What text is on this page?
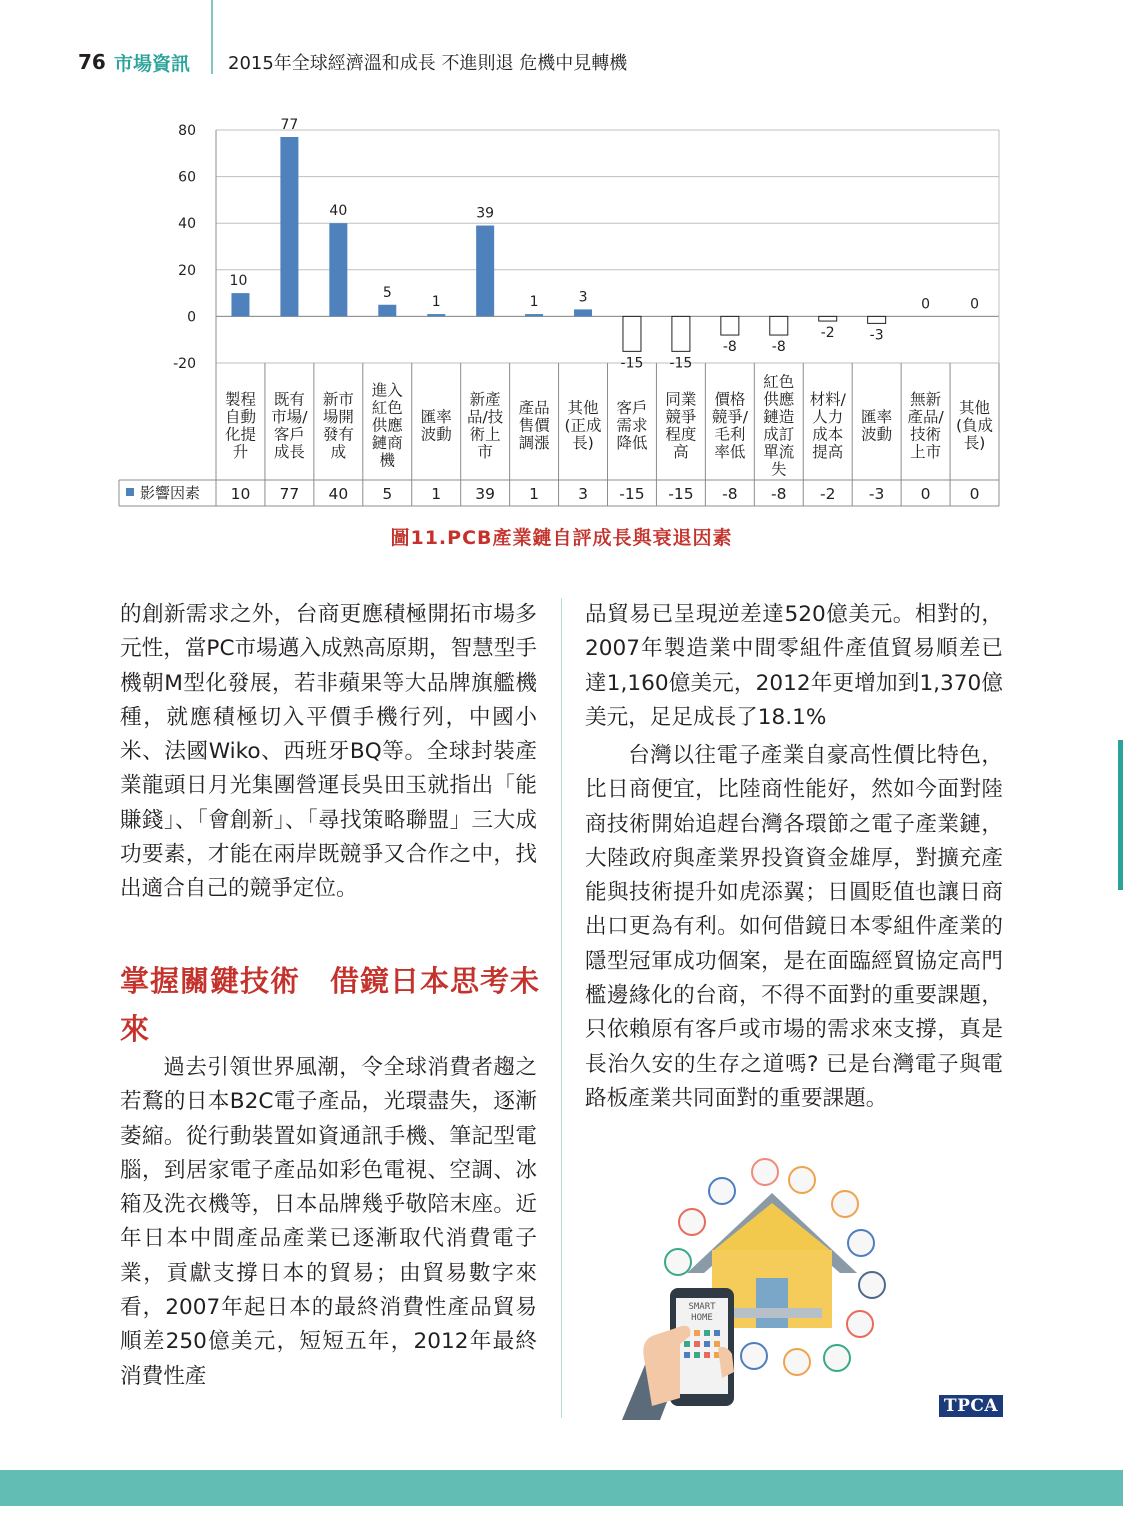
76 市場資訊 2015年全球經濟溫和成長 不進則退 危機中見轉機
-20
0
20
40
60
80
10
77
40
5
1
39
1	3
-15 -15
-8 -8
-2 -3
0	0
影響因素
製程
自動
化提
升
10
既有
市場/
客戶
成長
77
新市
場開
發有
成
40
進入
紅色
供應
鏈商
機
5
匯率
波動
1
新產
品/技
術上
市
39
產品
售價
調漲
1
其他
(正成
長)
3
客戶
需求
降低
-15
同業
競爭
程度
高
-15
價格
競爭/
毛利
率低
-8
紅色
供應
鏈造
成訂
單流
失
-8
材料/
人力
成本
提高
-2
匯率
波動
-3
無新
產品/
技術
上市
0
其他
(負成
長)
0
圖11.PCB產業鏈自評成長與衰退因素

的創新需求之外，台商更應積極開拓市場多元性，當PC市場邁入成熟高原期，智慧型手機朝M型化發展，若非蘋果等大品牌旗艦機種，就應積極切入平價手機行列，中國小米、法國Wiko、西班牙BQ等。全球封裝產業龍頭日月光集團營運長吳田玉就指出「能賺錢」、「會創新」、「尋找策略聯盟」三大成功要素，才能在兩岸既競爭又合作之中，找出適合自己的競爭定位。

掌握關鍵技術　借鏡日本思考未來

過去引領世界風潮，令全球消費者趨之若鶩的日本B2C電子產品，光環盡失，逐漸萎縮。從行動裝置如資通訊手機、筆記型電腦，到居家電子產品如彩色電視、空調、冰箱及洗衣機等，日本品牌幾乎敬陪末座。近年日本中間產品產業已逐漸取代消費電子業，貢獻支撐日本的貿易；由貿易數字來看，2007年起日本的最終消費性產品貿易順差250億美元，短短五年，2012年最終消費性產

品貿易已呈現逆差達520億美元。相對的，2007年製造業中間零組件產值貿易順差已達1,160億美元，2012年更增加到1,370億美元，足足成長了18.1%

台灣以往電子產業自豪高性價比特色，比日商便宜，比陸商性能好，然如今面對陸商技術開始追趕台灣各環節之電子產業鏈，大陸政府與產業界投資資金雄厚，對擴充產能與技術提升如虎添翼；日圓貶值也讓日商出口更為有利。如何借鏡日本零組件產業的隱型冠軍成功個案，是在面臨經貿協定高門檻邊緣化的台商，不得不面對的重要課題，只依賴原有客戶或市場的需求來支撐，真是長治久安的生存之道嗎? 已是台灣電子與電路板產業共同面對的重要課題。

SMART
HOME
TPCA
